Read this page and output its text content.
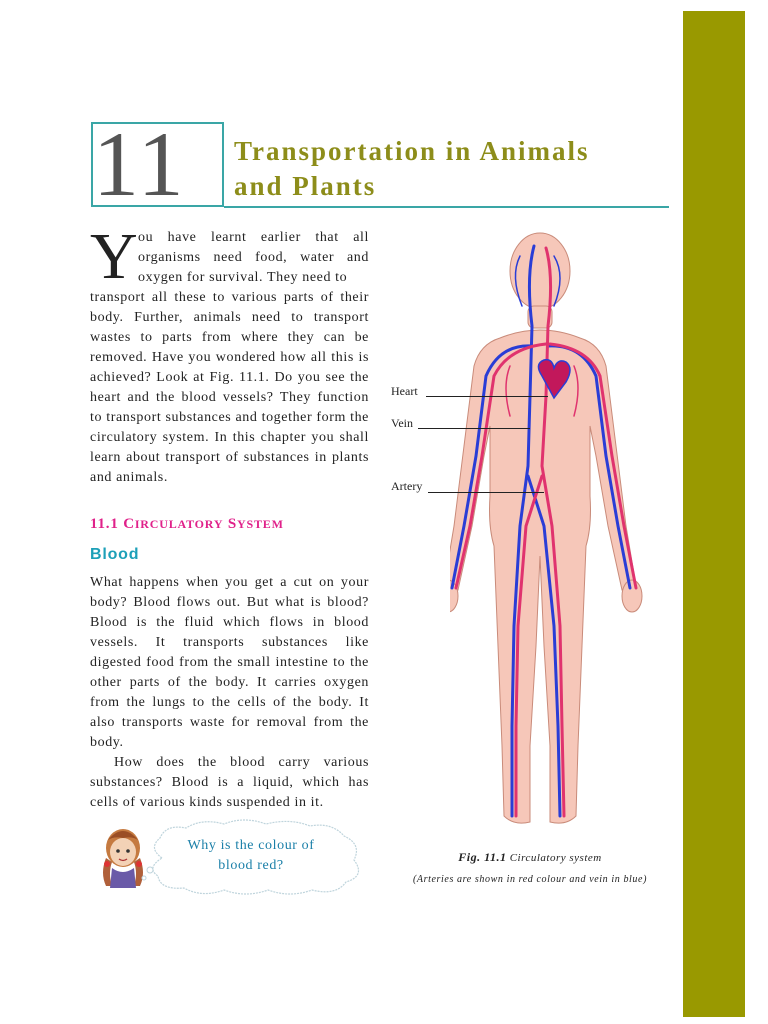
11	Transportation in Animals
and Plants
Y ou have learnt earlier that all organisms need food, water and oxygen for survival. They need to

transport all these to various parts of their body. Further, animals need to transport wastes to parts from where they can be removed. Have you wondered how all this is achieved? Look at Fig. 11.1. Do you see the heart and the blood vessels? They function to transport substances and together form the circulatory system. In this chapter you shall learn about transport of substances in plants and animals.

11.1 CIRCULATORY SYSTEM
Blood

What happens when you get a cut on your body? Blood flows out. But what is blood? Blood is the fluid which flows in blood vessels. It transports substances like digested food from the small intestine to the other parts of the body. It carries oxygen from the lungs to the cells of the body. It also transports waste for removal from the body.

How does the blood carry various substances? Blood is a liquid, which has cells of various kinds suspended in it.

Why is the colour of blood red?
Heart
Vein
Artery
Fig. 11.1 Circulatory system
(Arteries are shown in red colour and vein in blue)
